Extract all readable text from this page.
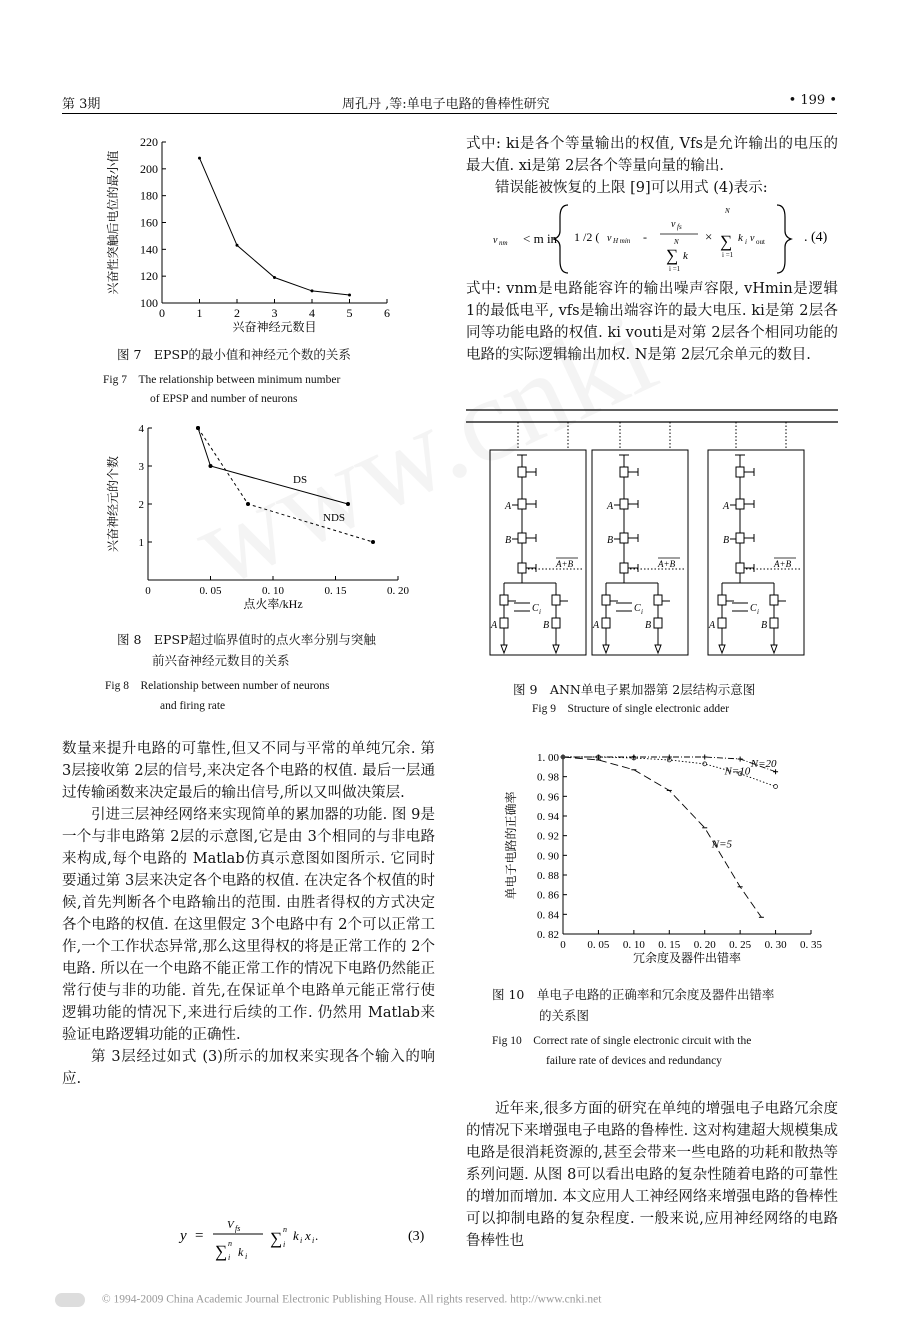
第 3期	周孔丹 ,等:单电子电路的鲁棒性研究	• 199 •
0	1	2	3	4	5	6
100
120
140
160
180
200
220
兴奋神经元数目
兴奋性突触后电位的最小值
图 7　EPSP的最小值和神经元个数的关系
Fig 7　The relationship between minimum number
of EPSP and number of neurons
0	0. 05	0. 10	0. 15	0. 20
1
2
3
4
点火率/kHz
兴奋神经元的个数	DS
NDS
图 8　EPSP超过临界值时的点火率分别与突触
前兴奋神经元数目的关系
Fig 8　Relationship between number of neurons
and firing rate

数量来提升电路的可靠性,但又不同与平常的单纯冗余. 第 3层接收第 2层的信号,来决定各个电路的权值. 最后一层通过传输函数来决定最后的输出信号,所以又叫做决策层.

引进三层神经网络来实现简单的累加器的功能. 图 9是一个与非电路第 2层的示意图,它是由 3个相同的与非电路来构成,每个电路的 Matlab仿真示意图如图所示. 它同时要通过第 3层来决定各个电路的权值. 在决定各个权值的时候,首先判断各个电路输出的范围. 由胜者得权的方式决定各个电路的权值. 在这里假定 3个电路中有 2个可以正常工作,一个工作状态异常,那么这里得权的将是正常工作的 2个电路. 所以在一个电路不能正常工作的情况下电路仍然能正常行使与非的功能. 首先,在保证单个电路单元能正常行使逻辑功能的情况下,来进行后续的工作. 仍然用 Matlab来验证电路逻辑功能的正确性.

第 3层经过如式 (3)所示的加权来实现各个输入的响应.

y =
V fs
∑ n
i k i
∑ n
i
k i x i .	(3)

式中: ki是各个等量输出的权值, Vfs是允许输出的电压的最大值. xi是第 2层各个等量向量的输出.

错误能被恢复的上限 [9]可以用式 (4)表示:

v nm < m in 1 /2 ( v H min -
v fs
N
∑
i =1
k
×
N
∑
i =1
k i v out	. (4)

式中: vnm是电路能容许的输出噪声容限, vHmin是逻辑 1的最低电平, vfs是输出端容许的最大电压. ki是第 2层各同等功能电路的权值. ki vouti是对第 2层各个相同功能的电路的实际逻辑输出加权. N是第 2层冗余单元的数目.

A
B
A+B
A	B
C i
A
B
A+B
A	B
C i
A
B
A+B
A	B
C i
图 9　ANN单电子累加器第 2层结构示意图
Fig 9　Structure of single electronic adder
0 0. 05 0. 10 0. 15 0. 20 0. 25 0. 30 0. 35
0. 82
0. 84
0. 86
0. 88
0. 90
0. 92
0. 94
0. 96
0. 98
1. 00
冗余度及器件出错率
单电子电路的正确率
N=20
N=10
N=5
图 10　单电子电路的正确率和冗余度及器件出错率
的关系图
Fig 10　Correct rate of single electronic circuit with the
failure rate of devices and redundancy

近年来,很多方面的研究在单纯的增强电子电路冗余度的情况下来增强电子电路的鲁棒性. 这对构建超大规模集成电路是很消耗资源的,甚至会带来一些电路的功耗和散热等系列问题. 从图 8可以看出电路的复杂性随着电路的可靠性的增加而增加. 本文应用人工神经网络来增强电路的鲁棒性可以抑制电路的复杂程度. 一般来说,应用神经网络的电路鲁棒性也

© 1994-2009 China Academic Journal Electronic Publishing House. All rights reserved. http://www.cnki.net
